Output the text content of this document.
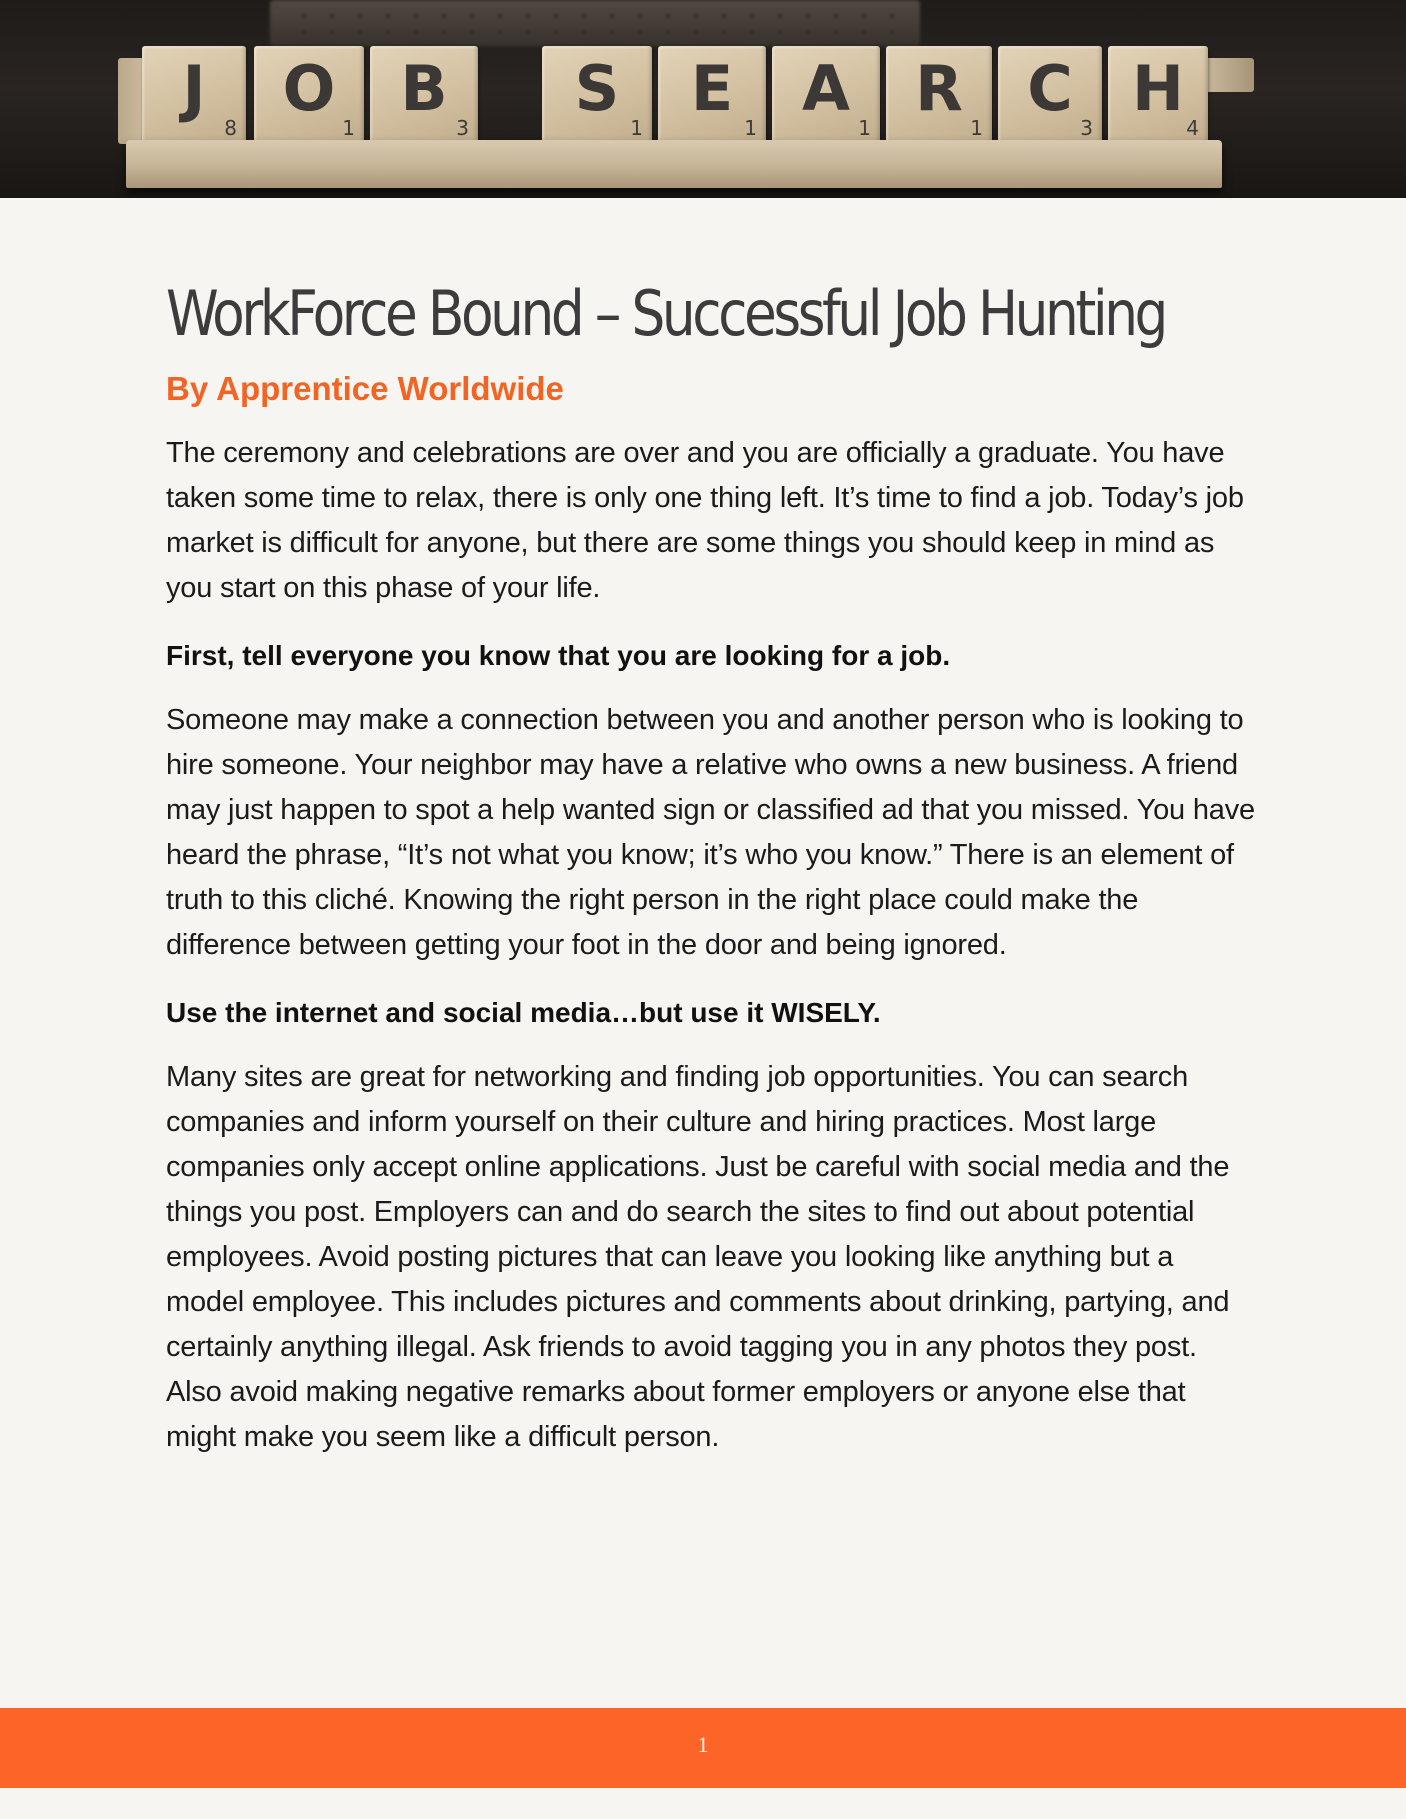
J
8
O
1
B
3
S
1
E
1
A
1
R
1
C
3
H
4
WorkForce Bound – Successful Job Hunting

By Apprentice Worldwide

The ceremony and celebrations are over and you are officially a graduate. You have taken some time to relax, there is only one thing left. It’s time to find a job. Today’s job market is difficult for anyone, but there are some things you should keep in mind as you start on this phase of your life.

First, tell everyone you know that you are looking for a job.

Someone may make a connection between you and another person who is looking to hire someone. Your neighbor may have a relative who owns a new business. A friend may just happen to spot a help wanted sign or classified ad that you missed. You have heard the phrase, “It’s not what you know; it’s who you know.” There is an element of truth to this cliché. Knowing the right person in the right place could make the difference between getting your foot in the door and being ignored.

Use the internet and social media…but use it WISELY.

Many sites are great for networking and finding job opportunities. You can search companies and inform yourself on their culture and hiring practices. Most large companies only accept online applications. Just be careful with social media and the things you post. Employers can and do search the sites to find out about potential employees. Avoid posting pictures that can leave you looking like anything but a model employee. This includes pictures and comments about drinking, partying, and certainly anything illegal. Ask friends to avoid tagging you in any photos they post. Also avoid making negative remarks about former employers or anyone else that might make you seem like a difficult person.

1
